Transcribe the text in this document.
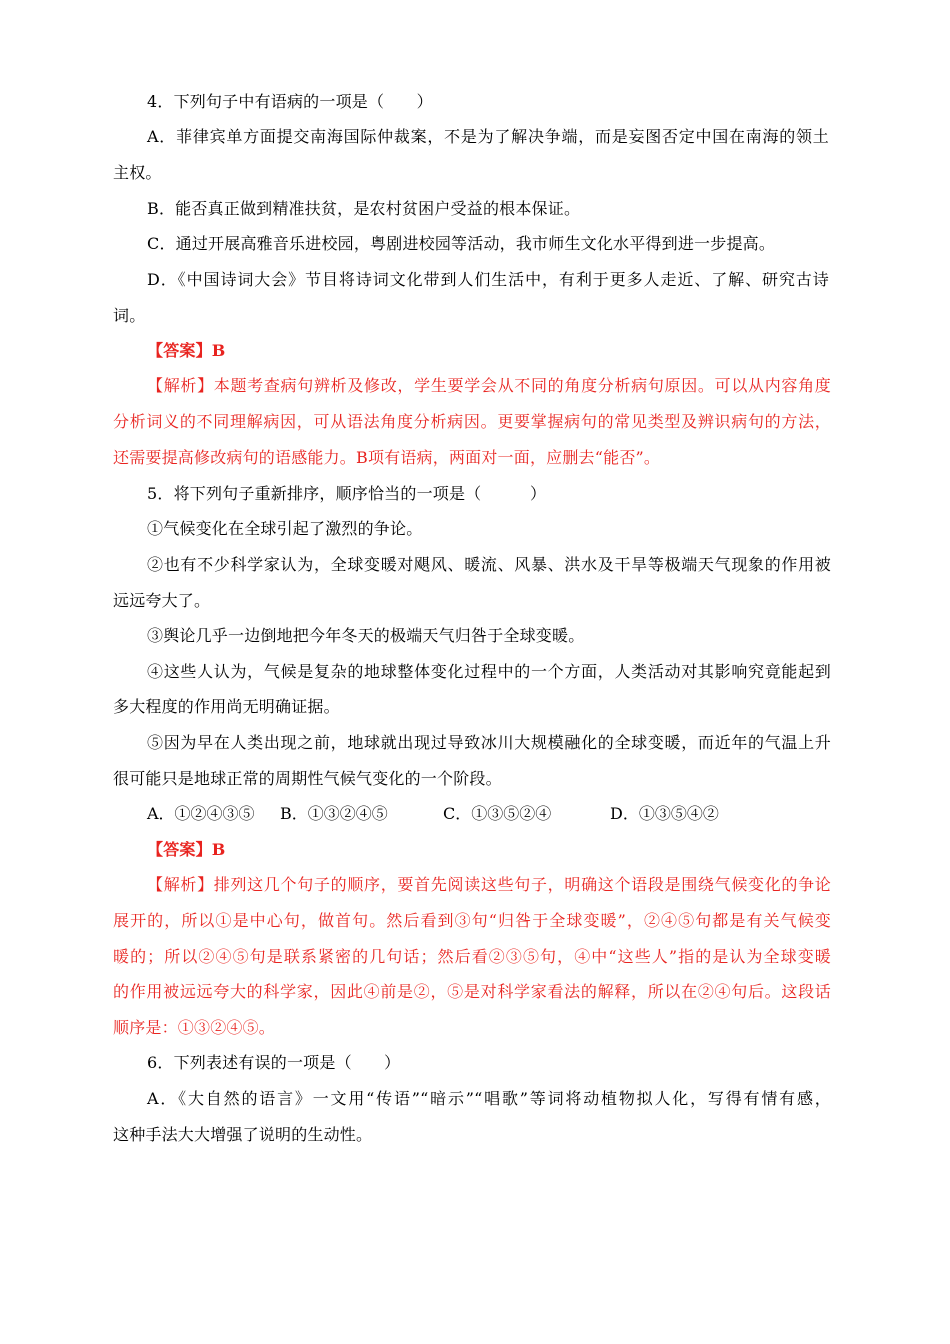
4．下列句子中有语病的一项是（　　）
A．菲律宾单方面提交南海国际仲裁案，不是为了解决争端，而是妄图否定中国在南海的领土
主权。
B．能否真正做到精准扶贫，是农村贫困户受益的根本保证。
C．通过开展高雅音乐进校园，粤剧进校园等活动，我市师生文化水平得到进一步提高。
D．《中国诗词大会》节目将诗词文化带到人们生活中，有利于更多人走近、了解、研究古诗
词。
【答案】B
【解析】本题考查病句辨析及修改，学生要学会从不同的角度分析病句原因。可以从内容角度
分析词义的不同理解病因，可从语法角度分析病因。更要掌握病句的常见类型及辨识病句的方法，
还需要提高修改病句的语感能力。B项有语病，两面对一面，应删去“能否”。
5．将下列句子重新排序，顺序恰当的一项是（　　　）
①气候变化在全球引起了激烈的争论。
②也有不少科学家认为，全球变暖对飓风、暖流、风暴、洪水及干旱等极端天气现象的作用被
远远夸大了。
③舆论几乎一边倒地把今年冬天的极端天气归咎于全球变暖。
④这些人认为，气候是复杂的地球整体变化过程中的一个方面，人类活动对其影响究竟能起到
多大程度的作用尚无明确证据。
⑤因为早在人类出现之前，地球就出现过导致冰川大规模融化的全球变暖，而近年的气温上升
很可能只是地球正常的周期性气候气变化的一个阶段。
A．①②④③⑤ B．①③②④⑤	C．①③⑤②④	D．①③⑤④②
【答案】B
【解析】排列这几个句子的顺序，要首先阅读这些句子，明确这个语段是围绕气候变化的争论
展开的，所以①是中心句，做首句。然后看到③句“归咎于全球变暖”，②④⑤句都是有关气候变
暖的；所以②④⑤句是联系紧密的几句话；然后看②③⑤句，④中“这些人”指的是认为全球变暖
的作用被远远夸大的科学家，因此④前是②，⑤是对科学家看法的解释，所以在②④句后。这段话
顺序是：①③②④⑤。
6．下列表述有误的一项是（　　）
A．《大自然的语言》一文用“传语”“暗示”“唱歌”等词将动植物拟人化，写得有情有感，
这种手法大大增强了说明的生动性。
